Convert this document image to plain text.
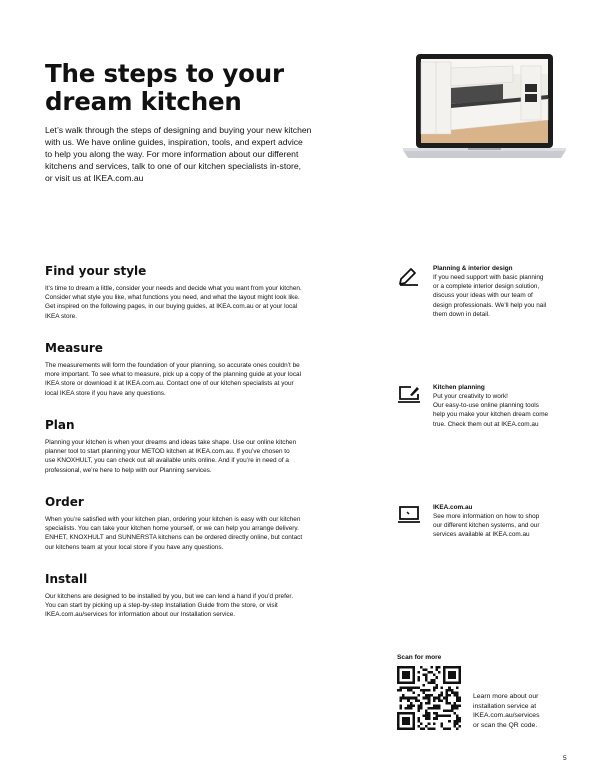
The steps to your
dream kitchen
Let’s walk through the steps of designing and buying your new kitchen
with us. We have online guides, inspiration, tools, and expert advice
to help you along the way. For more information about our different
kitchens and services, talk to one of our kitchen specialists in-store,
or visit us at IKEA.com.au
Find your style

It’s time to dream a little, consider your needs and decide what you want from your kitchen.
Consider what style you like, what functions you need, and what the layout might look like.
Get inspired on the following pages, in our buying guides, at IKEA.com.au or at your local
IKEA store.

Measure

The measurements will form the foundation of your planning, so accurate ones couldn’t be
more important. To see what to measure, pick up a copy of the planning guide at your local
IKEA store or download it at IKEA.com.au. Contact one of our kitchen specialists at your
local IKEA store if you have any questions.

Plan

Planning your kitchen is when your dreams and ideas take shape. Use our online kitchen
planner tool to start planning your METOD kitchen at IKEA.com.au. If you’ve chosen to
use KNOXHULT, you can check out all available units online. And if you’re in need of a
professional, we’re here to help with our Planning services.

Order

When you’re satisfied with your kitchen plan, ordering your kitchen is easy with our kitchen
specialists. You can take your kitchen home yourself, or we can help you arrange delivery.
ENHET, KNOXHULT and SUNNERSTA kitchens can be ordered directly online, but contact
our kitchens team at your local store if you have any questions.

Install

Our kitchens are designed to be installed by you, but we can lend a hand if you’d prefer.
You can start by picking up a step-by-step Installation Guide from the store, or visit
IKEA.com.au/services for information about our Installation service.

Planning & interior design
If you need support with basic planning
or a complete interior design solution,
discuss your ideas with our team of
design professionals. We’ll help you nail
them down in detail.
Kitchen planning
Put your creativity to work!
Our easy-to-use online planning tools
help you make your kitchen dream come
true. Check them out at IKEA.com.au
IKEA.com.au
See more information on how to shop
our different kitchen systems, and our
services available at IKEA.com.au
Scan for more
Learn more about our
installation service at
IKEA.com.au/services
or scan the QR code.
5
